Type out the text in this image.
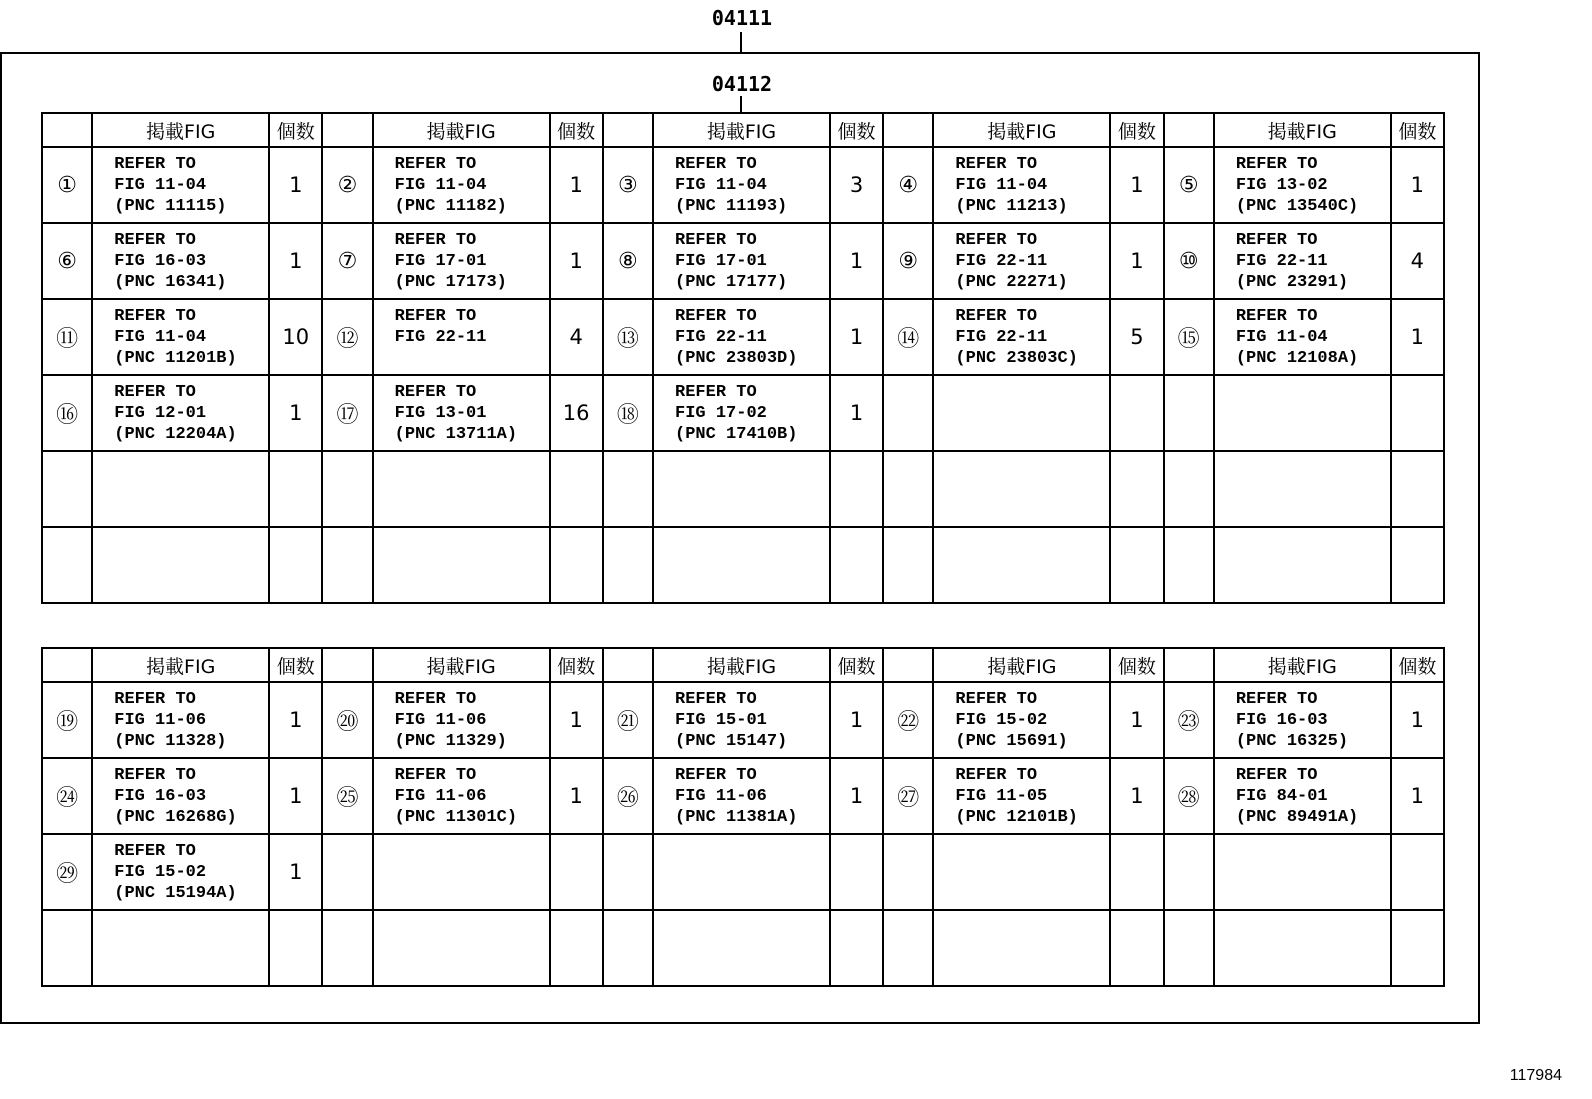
04111
04112
	掲載FIG	個数		掲載FIG	個数		掲載FIG	個数		掲載FIG	個数		掲載FIG	個数
①	REFER TO
FIG 11-04
(PNC 11115)	1	②	REFER TO
FIG 11-04
(PNC 11182)	1	③	REFER TO
FIG 11-04
(PNC 11193)	3	④	REFER TO
FIG 11-04
(PNC 11213)	1	⑤	REFER TO
FIG 13-02
(PNC 13540C)	1
⑥	REFER TO
FIG 16-03
(PNC 16341)	1	⑦	REFER TO
FIG 17-01
(PNC 17173)	1	⑧	REFER TO
FIG 17-01
(PNC 17177)	1	⑨	REFER TO
FIG 22-11
(PNC 22271)	1	⑩	REFER TO
FIG 22-11
(PNC 23291)	4
⑪	REFER TO
FIG 11-04
(PNC 11201B)	10	⑫	REFER TO
FIG 22-11	4	⑬	REFER TO
FIG 22-11
(PNC 23803D)	1	⑭	REFER TO
FIG 22-11
(PNC 23803C)	5	⑮	REFER TO
FIG 11-04
(PNC 12108A)	1
⑯	REFER TO
FIG 12-01
(PNC 12204A)	1	⑰	REFER TO
FIG 13-01
(PNC 13711A)	16	⑱	REFER TO
FIG 17-02
(PNC 17410B)	1		

	掲載FIG	個数		掲載FIG	個数		掲載FIG	個数		掲載FIG	個数		掲載FIG	個数
⑲	REFER TO
FIG 11-06
(PNC 11328)	1	⑳	REFER TO
FIG 11-06
(PNC 11329)	1	㉑	REFER TO
FIG 15-01
(PNC 15147)	1	㉒	REFER TO
FIG 15-02
(PNC 15691)	1	㉓	REFER TO
FIG 16-03
(PNC 16325)	1
㉔	REFER TO
FIG 16-03
(PNC 16268G)	1	㉕	REFER TO
FIG 11-06
(PNC 11301C)	1	㉖	REFER TO
FIG 11-06
(PNC 11381A)	1	㉗	REFER TO
FIG 11-05
(PNC 12101B)	1	㉘	REFER TO
FIG 84-01
(PNC 89491A)	1
㉙	REFER TO
FIG 15-02
(PNC 15194A)	1		

117984
